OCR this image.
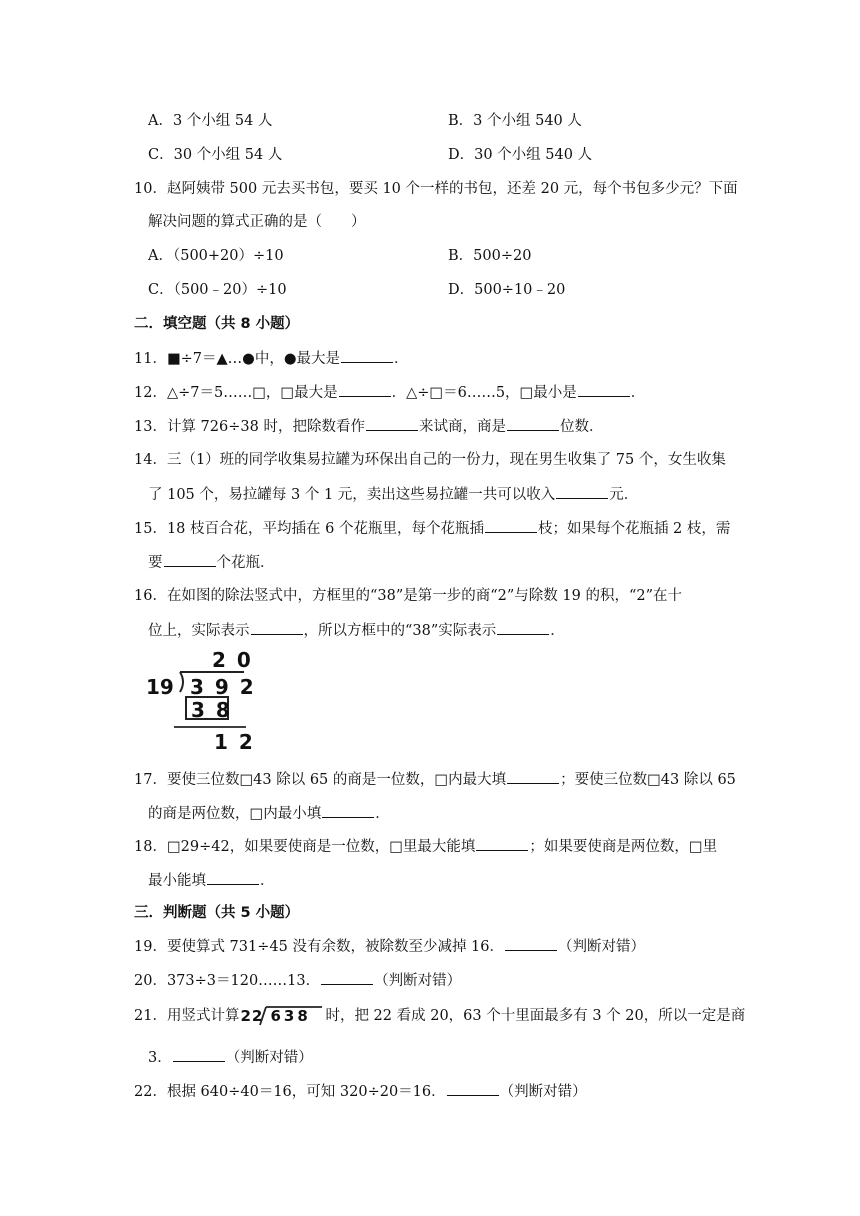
A．3 个小组 54 人	B．3 个小组 540 人
C．30 个小组 54 人	D．30 个小组 540 人
10．赵阿姨带 500 元去买书包，要买 10 个一样的书包，还差 20 元，每个书包多少元？下面
解决问题的算式正确的是（　　）
A．（500+20）÷10	B．500÷20
C．（500﹣20）÷10	D．500÷10﹣20
二．填空题（共 8 小题）
11．■÷7＝▲…●中，●最大是	．
12．△÷7＝5……□，□最大是	．△÷□＝6……5，□最小是	．
13．计算 726÷38 时，把除数看作	来试商，商是	位数．
14．三（1）班的同学收集易拉罐为环保出自己的一份力，现在男生收集了 75 个，女生收集
了 105 个，易拉罐每 3 个 1 元，卖出这些易拉罐一共可以收入	元．
15．18 枝百合花，平均插在 6 个花瓶里，每个花瓶插	枝；如果每个花瓶插 2 枝，需
要	个花瓶．
16．在如图的除法竖式中，方框里的“38”是第一步的商“2”与除数 19 的积，“2”在十
位上，实际表示	，所以方框中的“38”实际表示	．
2 0
19 3 9 2
3 8
1 2
17．要使三位数□43 除以 65 的商是一位数，□内最大填	；要使三位数□43 除以 65
的商是两位数，□内最小填	．
18．□29÷42，如果要使商是一位数，□里最大能填	；如果要使商是两位数，□里
最小能填	．
三．判断题（共 5 小题）
19．要使算式 731÷45 没有余数，被除数至少减掉 16．	（判断对错）
20．373÷3＝120……13．	（判断对错）
21．用竖式计算 22 638 时，把 22 看成 20，63 个十里面最多有 3 个 20，所以一定是商
3．	（判断对错）
22．根据 640÷40＝16，可知 320÷20＝16．	（判断对错）
